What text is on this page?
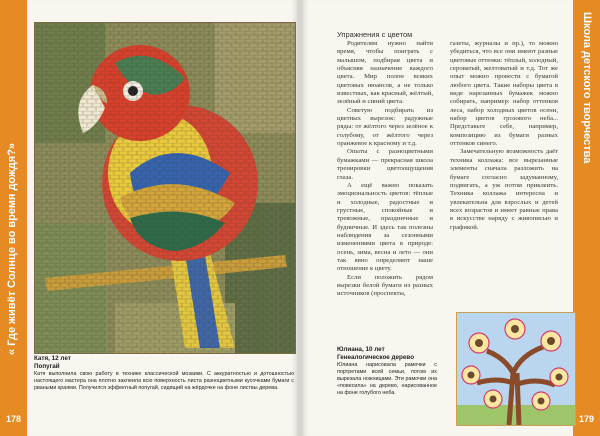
« Где живёт Солнце во время дождя?»
178
Катя, 12 лет
Попугай
Катя выполнила свою работу в технике классической мозаики. С аккуратностью и дотошностью настоящего мастера она плотно заклеила всю поверхность листа разноцветными кусочками бумаги с рваными краями. Получился эффектный попугай, сидящий на жёрдочке на фоне листвы дерева.
Школа детского творчества
179
Упражнения с цветом

Родителям нужно найти время, чтобы поиграть с малышом, подбирая цвета и объясняя назначение каждого цвета. Мир полон всяких цветовых нюансов, а не только известных, как красный, жёлтый, зелёный и синий цвета.

Советую подбирать из цветных вырезок: радужные ряды: от жёлтого через зелёное к голубому, от жёлтого через оранжевое к красному и т.д.

Опыты с разноцветными бумажками — прекрасная школа тренировки цветоощущения глаза.

А ещё важно показать эмоциональность цветов: тёплые и холодные, радостные и грустные, спокойные и тревожные, праздничные и будничные. И здесь так полезны наблюдения за сезонными изменениями цвета в природе: осень, зима, весна и лето — они так явно определяют наше отношение к цвету.

Если положить рядом вырезки белой бумаги из разных источников (проспекты,

газеты, журналы и пр.), то можно убедиться, что все они имеют разные цветовые оттенки: тёплый, холодный, сероватый, желтоватый и т.д. Тот же опыт можно провести с бумагой любого цвета. Такие наборы цвета в виде нарезанных бумажек можно собирать, например: набор оттенков леса, набор холодных цветов осени, набор цветов грозового неба... Представьте себе, например, композицию из бумаги разных оттенков синего.

Замечательную возможность даёт техника коллажа: все вырезанные элементы сначала разложить на бумаге согласно задуманному, подвигать, а уж потом приклеить. Техника коллажа интересна и увлекательна для взрослых и детей всех возрастов и имеет равные права в искусстве наряду с живописью и графикой.

Юлиана, 10 лет
Генеалогическое дерево
Юлиана нарисовала рамочки с портретами всей семьи, потом их вырезала ножницами. Эти рамочки она «повесила» на дерево, нарисованное на фоне голубого неба.
